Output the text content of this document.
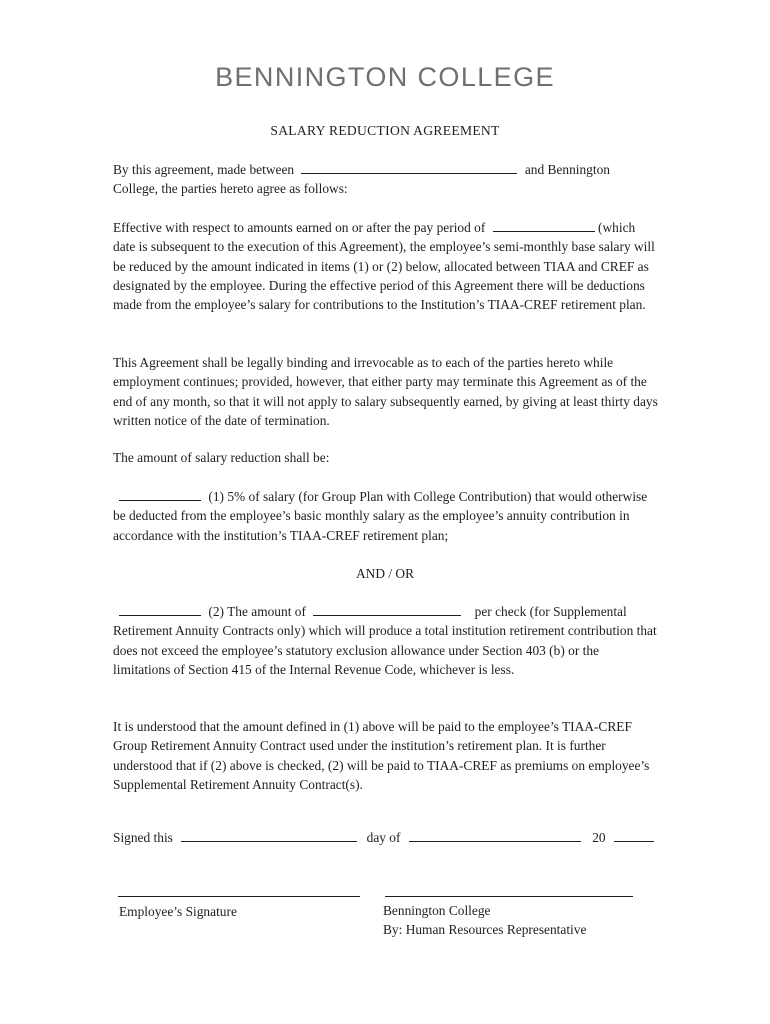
BENNINGTON COLLEGE
SALARY REDUCTION AGREEMENT
By this agreement, made between	and Bennington
College, the parties hereto agree as follows:

Effective with respect to amounts earned on or after the pay period of	(which date is subsequent to the execution of this Agreement), the employee’s semi-monthly base salary will be reduced by the amount indicated in items (1) or (2) below, allocated between TIAA and CREF as designated by the employee. During the effective period of this Agreement there will be deductions made from the employee’s salary for contributions to the Institution’s TIAA-CREF retirement plan.

This Agreement shall be legally binding and irrevocable as to each of the parties hereto while employment continues; provided, however, that either party may terminate this Agreement as of the end of any month, so that it will not apply to salary subsequently earned, by giving at least thirty days written notice of the date of termination.

The amount of salary reduction shall be:

(1) 5% of salary (for Group Plan with College Contribution) that would otherwise be deducted from the employee’s basic monthly salary as the employee’s annuity contribution in accordance with the institution’s TIAA-CREF retirement plan;

AND / OR

(2) The amount of	per check (for Supplemental Retirement Annuity Contracts only) which will produce a total institution retirement contribution that does not exceed the employee’s statutory exclusion allowance under Section 403 (b) or the limitations of Section 415 of the Internal Revenue Code, whichever is less.

It is understood that the amount defined in (1) above will be paid to the employee’s TIAA-CREF Group Retirement Annuity Contract used under the institution’s retirement plan. It is further understood that if (2) above is checked, (2) will be paid to TIAA-CREF as premiums on employee’s Supplemental Retirement Annuity Contract(s).

Signed this	day of	20
Employee’s Signature	Bennington College
By: Human Resources Representative
